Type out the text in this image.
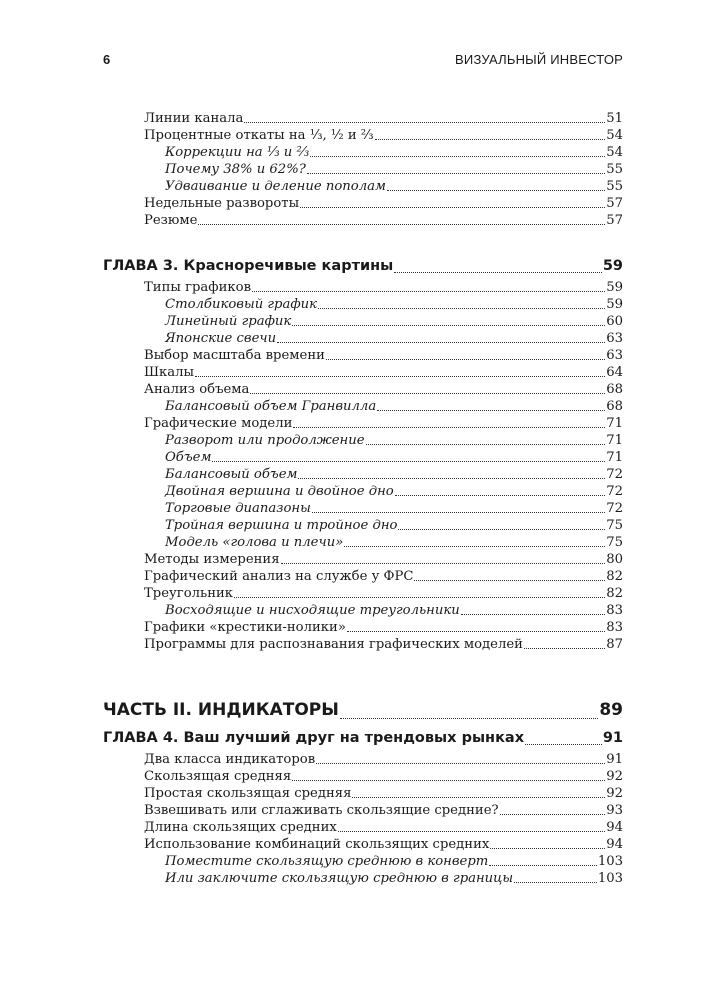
6	ВИЗУАЛЬНЫЙ ИНВЕСТОР
Линии канала	51
Процентные откаты на ¹⁄₃, ¹⁄₂ и ²⁄₃	54
Коррекции на ¹⁄₃ и ²⁄₃	54
Почему 38% и 62%?	55
Удваивание и деление пополам	55
Недельные развороты	57
Резюме	57
ГЛАВА 3. Красноречивые картины	59
Типы графиков	59
Столбиковый график	59
Линейный график	60
Японские свечи	63
Выбор масштаба времени	63
Шкалы	64
Анализ объема	68
Балансовый объем Гранвилла	68
Графические модели	71
Разворот или продолжение	71
Объем	71
Балансовый объем	72
Двойная вершина и двойное дно	72
Торговые диапазоны	72
Тройная вершина и тройное дно	75
Модель «голова и плечи»	75
Методы измерения	80
Графический анализ на службе у ФРС	82
Треугольник	82
Восходящие и нисходящие треугольники	83
Графики «крестики-нолики»	83
Программы для распознавания графических моделей	87
ЧАСТЬ II. ИНДИКАТОРЫ	89
ГЛАВА 4. Ваш лучший друг на трендовых рынках	91
Два класса индикаторов	91
Скользящая средняя	92
Простая скользящая средняя	92
Взвешивать или сглаживать скользящие средние?	93
Длина скользящих средних	94
Использование комбинаций скользящих средних	94
Поместите скользящую среднюю в конверт	103
Или заключите скользящую среднюю в границы	103
